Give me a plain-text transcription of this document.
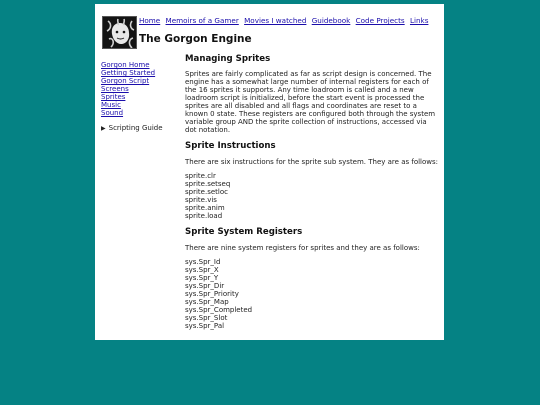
Home Memoirs of a Gamer Movies I watched Guidebook Code Projects Links
The Gorgon Engine
Gorgon Home
Getting Started
Gorgon Script
Screens
Sprites
Music
Sound
▶ Scripting Guide
Managing Sprites

Sprites are fairly complicated as far as script design is concerned. The engine has a somewhat large number of internal registers for each of the 16 sprites it supports. Any time loadroom is called and a new loadroom script is initialized, before the start event is processed the sprites are all disabled and all flags and coordinates are reset to a known 0 state. These registers are configured both through the system variable group AND the sprite collection of instructions, accessed via dot notation.

Sprite Instructions

There are six instructions for the sprite sub system. They are as follows:

sprite.clr
sprite.setseq
sprite.setloc
sprite.vis
sprite.anim
sprite.load
Sprite System Registers

There are nine system registers for sprites and they are as follows:

sys.Spr_Id
sys.Spr_X
sys.Spr_Y
sys.Spr_Dir
sys.Spr_Priority
sys.Spr_Map
sys.Spr_Completed
sys.Spr_Slot
sys.Spr_Pal
